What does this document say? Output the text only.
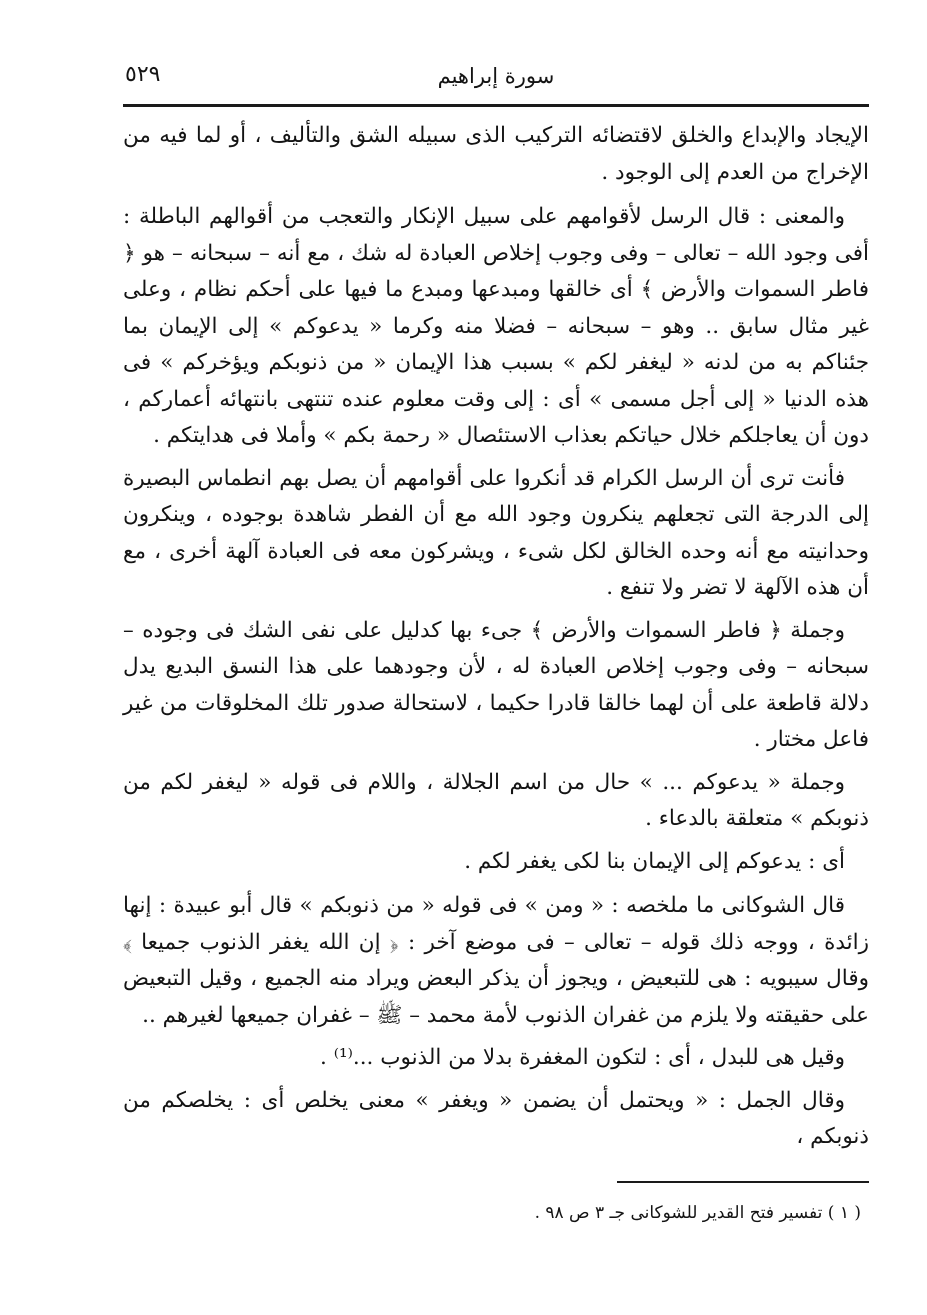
٥٢٩	سورة إبراهيم

الإيجاد والإبداع والخلق لاقتضائه التركيب الذى سبيله الشق والتأليف ، أو لما فيه من الإخراج من العدم إلى الوجود .

والمعنى : قال الرسل لأقوامهم على سبيل الإنكار والتعجب من أقوالهم الباطلة : أفى وجود الله – تعالى – وفى وجوب إخلاص العبادة له شك ، مع أنه – سبحانه – هو ﴿ فاطر السموات والأرض ﴾ أى خالقها ومبدعها ومبدع ما فيها على أحكم نظام ، وعلى غير مثال سابق .. وهو – سبحانه – فضلا منه وكرما « يدعوكم » إلى الإيمان بما جئناكم به من لدنه « ليغفر لكم » بسبب هذا الإيمان « من ذنوبكم ويؤخركم » فى هذه الدنيا « إلى أجل مسمى » أى : إلى وقت معلوم عنده تنتهى بانتهائه أعماركم ، دون أن يعاجلكم خلال حياتكم بعذاب الاستئصال « رحمة بكم » وأملا فى هدايتكم .

فأنت ترى أن الرسل الكرام قد أنكروا على أقوامهم أن يصل بهم انطماس البصيرة إلى الدرجة التى تجعلهم ينكرون وجود الله مع أن الفطر شاهدة بوجوده ، وينكرون وحدانيته مع أنه وحده الخالق لكل شىء ، ويشركون معه فى العبادة آلهة أخرى ، مع أن هذه الآلهة لا تضر ولا تنفع .

وجملة ﴿ فاطر السموات والأرض ﴾ جىء بها كدليل على نفى الشك فى وجوده – سبحانه – وفى وجوب إخلاص العبادة له ، لأن وجودهما على هذا النسق البديع يدل دلالة قاطعة على أن لهما خالقا قادرا حكيما ، لاستحالة صدور تلك المخلوقات من غير فاعل مختار .

وجملة « يدعوكم ... » حال من اسم الجلالة ، واللام فى قوله « ليغفر لكم من ذنوبكم » متعلقة بالدعاء .

أى : يدعوكم إلى الإيمان بنا لكى يغفر لكم .

قال الشوكانى ما ملخصه : « ومن » فى قوله « من ذنوبكم » قال أبو عبيدة : إنها زائدة ، ووجه ذلك قوله – تعالى – فى موضع آخر : ﴿ إن الله يغفر الذنوب جميعا ﴾ وقال سيبويه : هى للتبعيض ، ويجوز أن يذكر البعض ويراد منه الجميع ، وقيل التبعيض على حقيقته ولا يلزم من غفران الذنوب لأمة محمد – ﷺ – غفران جميعها لغيرهم ..

وقيل هى للبدل ، أى : لتكون المغفرة بدلا من الذنوب ...⁽¹⁾ .

وقال الجمل : « ويحتمل أن يضمن « ويغفر » معنى يخلص أى : يخلصكم من ذنوبكم ،

( ١ ) تفسير فتح القدير للشوكانى جـ ٣ ص ٩٨ .
